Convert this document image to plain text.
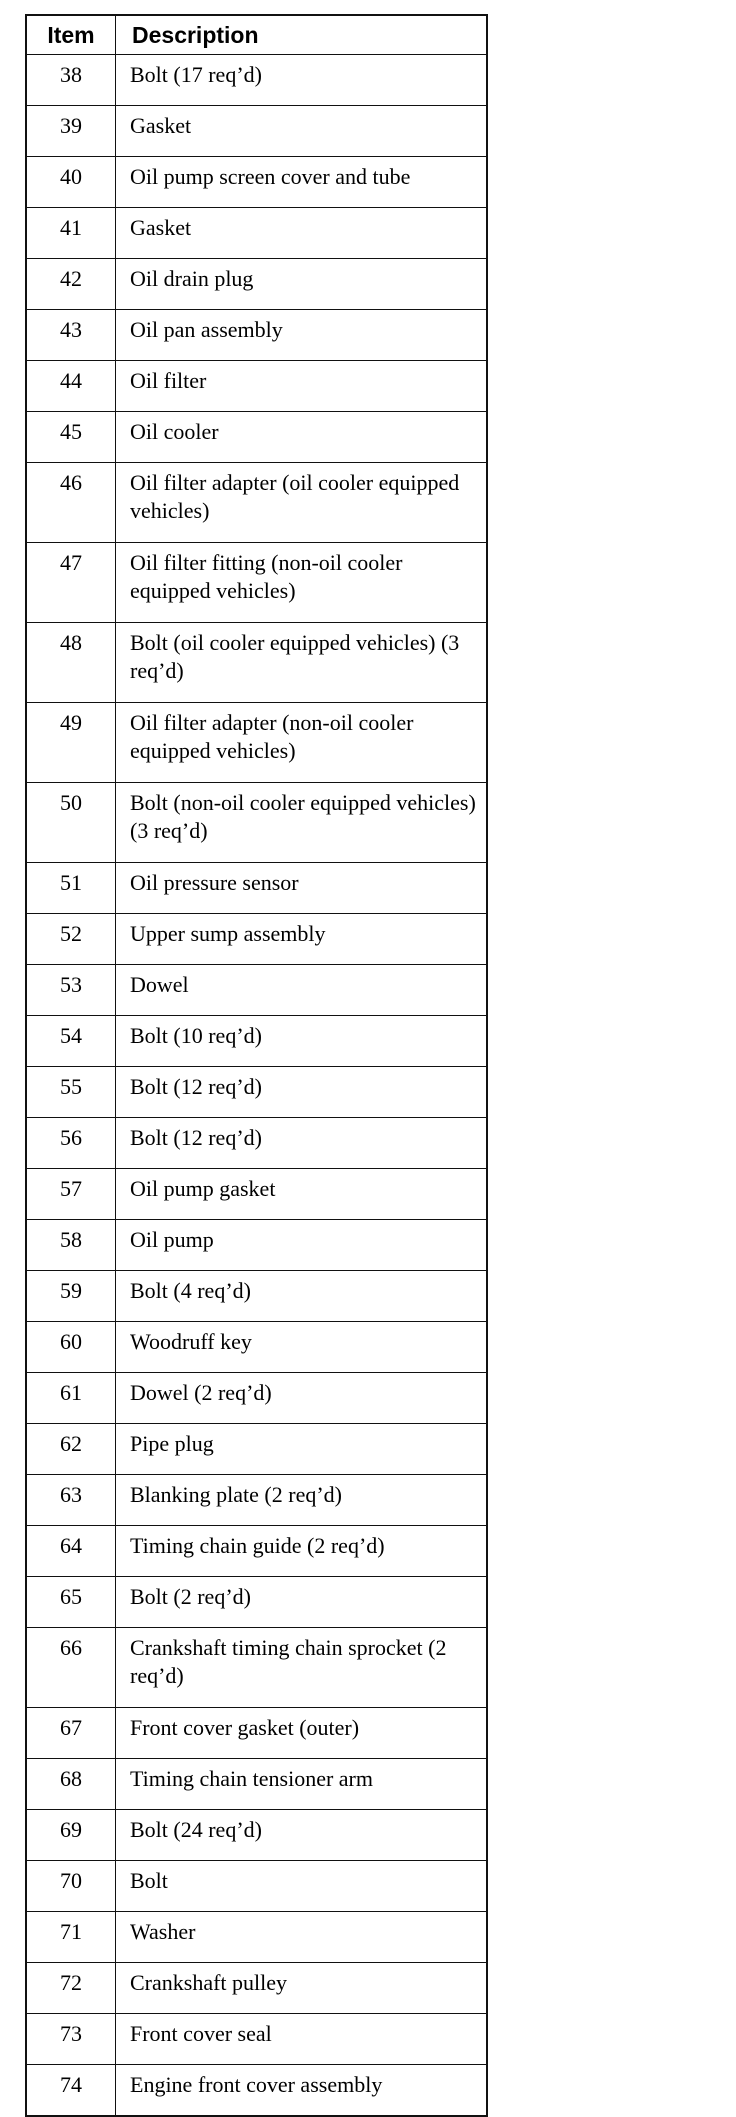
Item	Description
38	Bolt (17 req’d)
39	Gasket
40	Oil pump screen cover and tube
41	Gasket
42	Oil drain plug
43	Oil pan assembly
44	Oil filter
45	Oil cooler
46	Oil filter adapter (oil cooler equipped vehicles)
47	Oil filter fitting (non-oil cooler equipped vehicles)
48	Bolt (oil cooler equipped vehicles) (3 req’d)
49	Oil filter adapter (non-oil cooler equipped vehicles)
50	Bolt (non-oil cooler equipped vehicles) (3 req’d)
51	Oil pressure sensor
52	Upper sump assembly
53	Dowel
54	Bolt (10 req’d)
55	Bolt (12 req’d)
56	Bolt (12 req’d)
57	Oil pump gasket
58	Oil pump
59	Bolt (4 req’d)
60	Woodruff key
61	Dowel (2 req’d)
62	Pipe plug
63	Blanking plate (2 req’d)
64	Timing chain guide (2 req’d)
65	Bolt (2 req’d)
66	Crankshaft timing chain sprocket (2 req’d)
67	Front cover gasket (outer)
68	Timing chain tensioner arm
69	Bolt (24 req’d)
70	Bolt
71	Washer
72	Crankshaft pulley
73	Front cover seal
74	Engine front cover assembly
